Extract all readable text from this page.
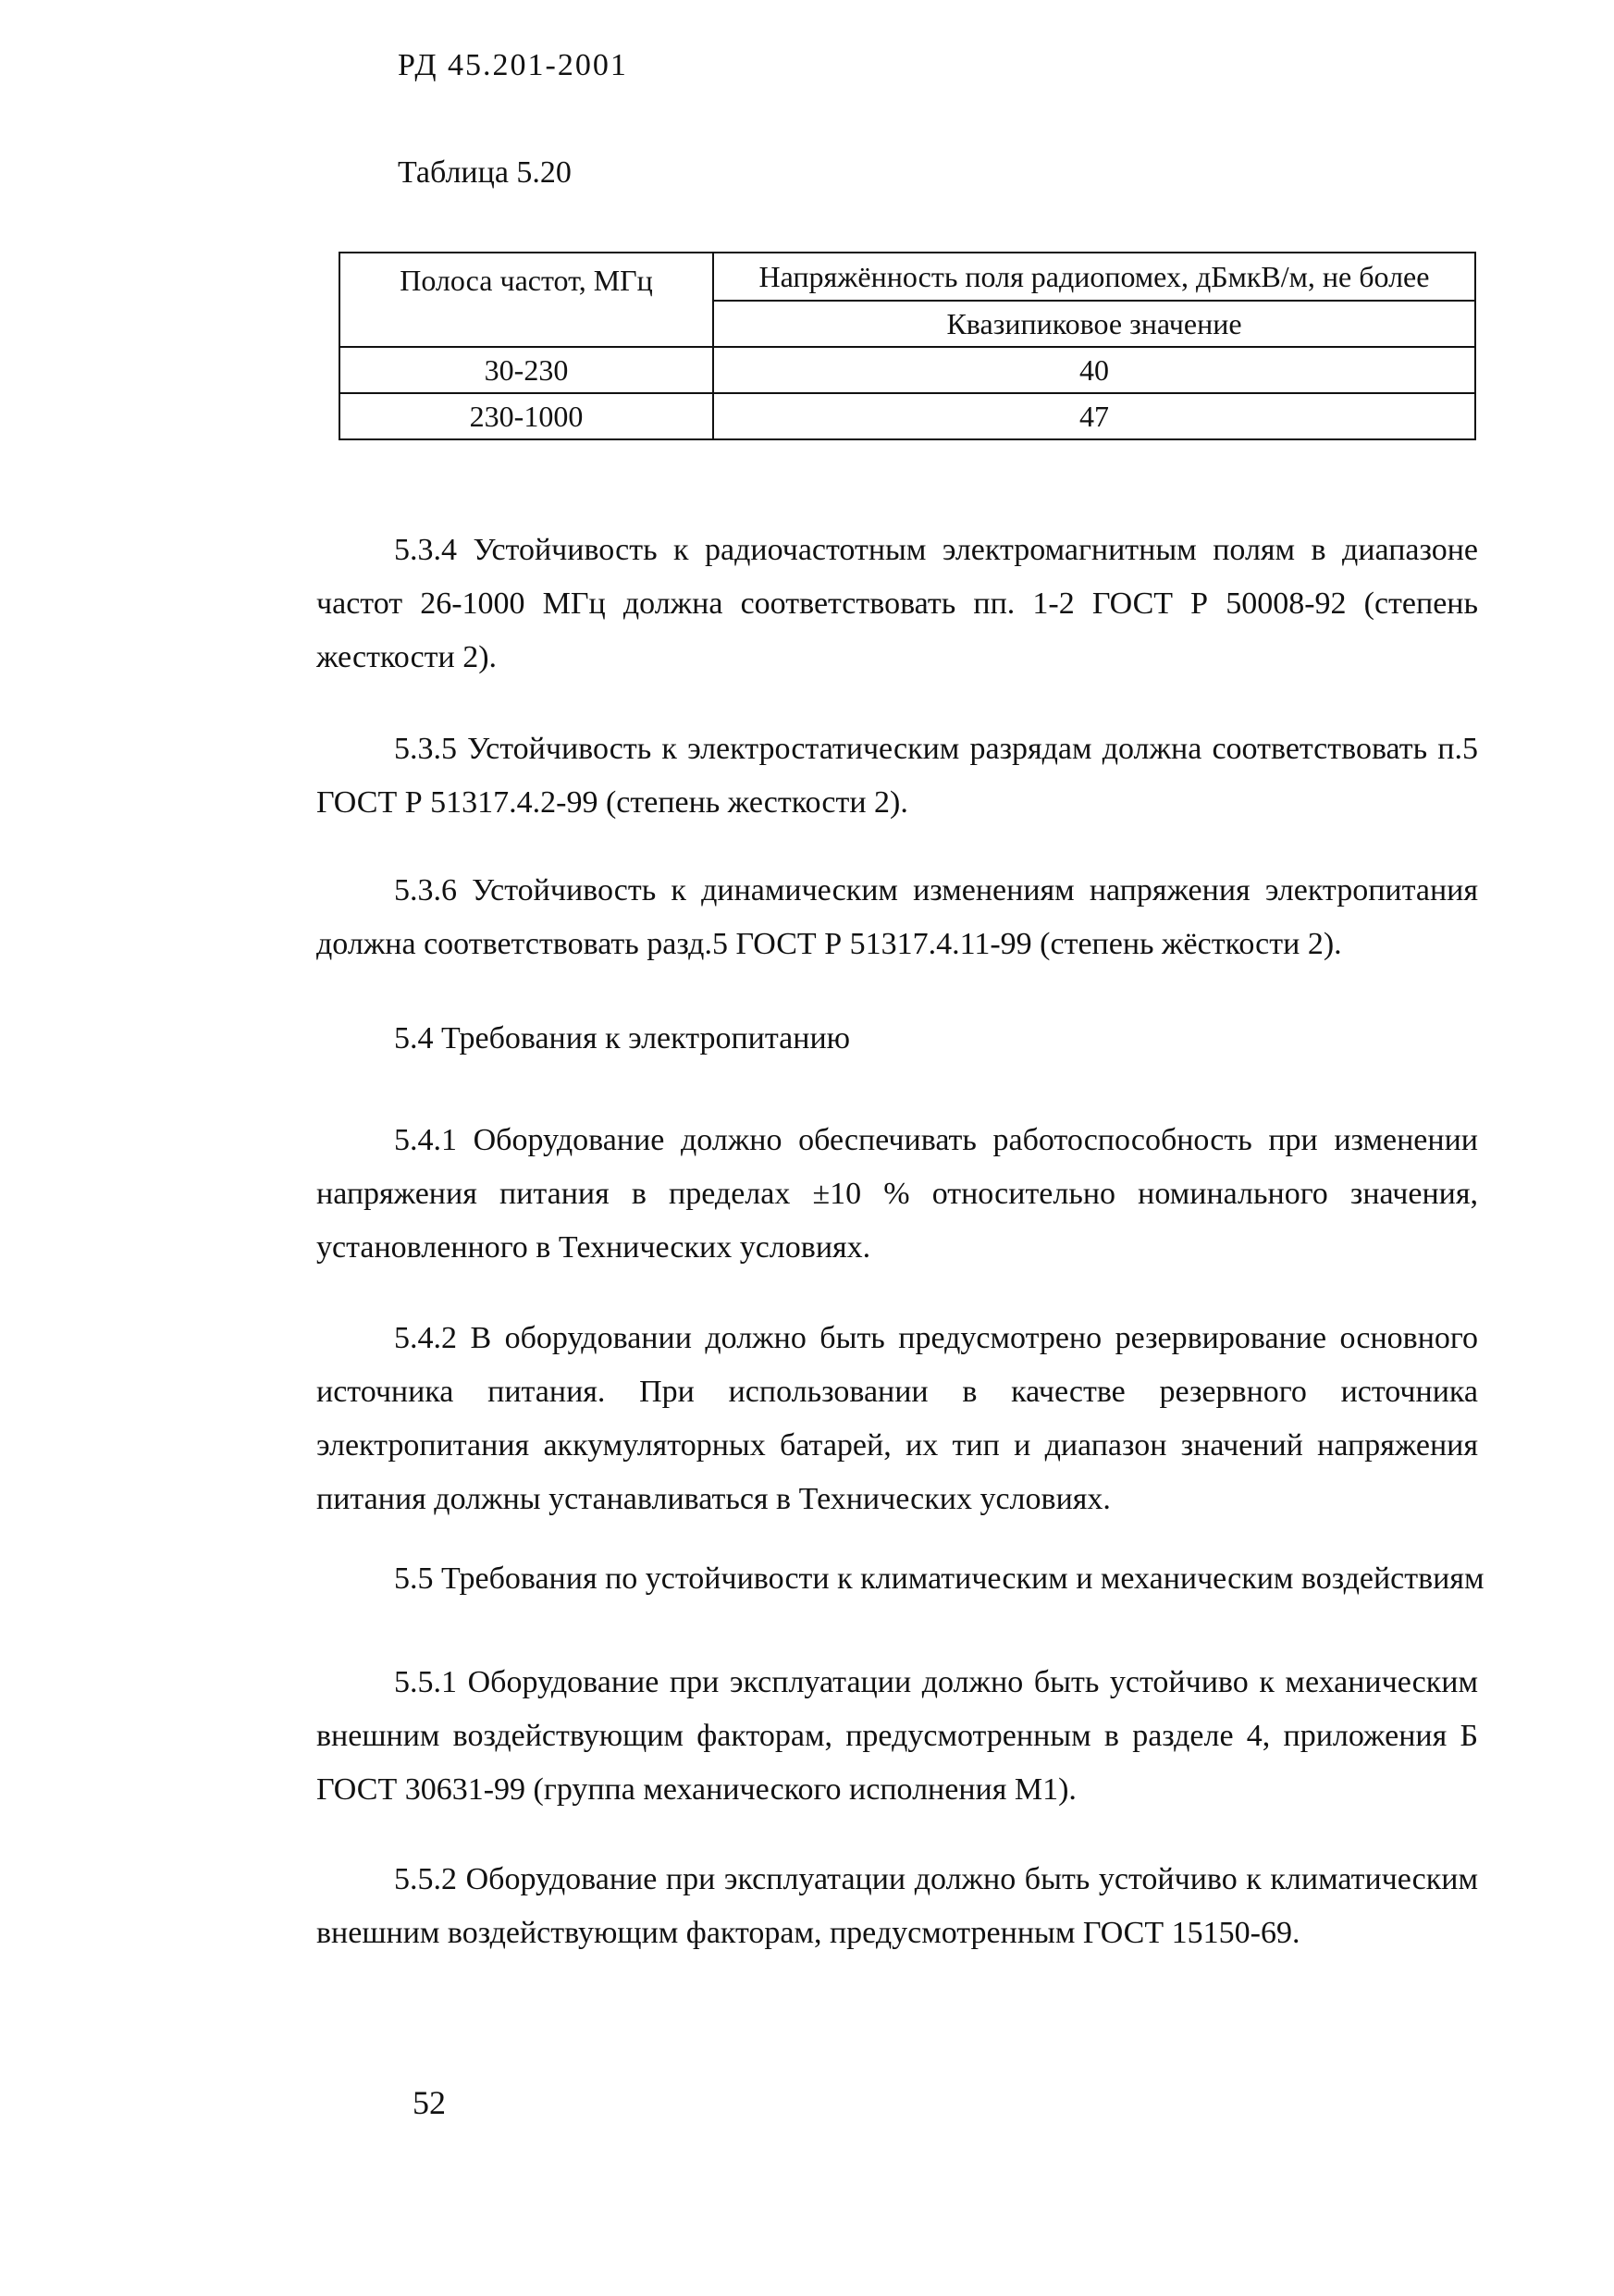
РД 45.201-2001
Таблица 5.20
Полоса частот, МГц	Напряжённость поля радиопомех, дБмкВ/м, не более
	Квазипиковое значение
30-230	40
230-1000	47
5.3.4 Устойчивость к радиочастотным электромагнитным полям в диапазоне частот 26-1000 МГц должна соответствовать пп. 1-2 ГОСТ Р 50008-92 (степень жесткости 2).
5.3.5 Устойчивость к электростатическим разрядам должна соответствовать п.5 ГОСТ Р 51317.4.2-99 (степень жесткости 2).
5.3.6 Устойчивость к динамическим изменениям напряжения электропитания должна соответствовать разд.5 ГОСТ Р 51317.4.11-99 (степень жёсткости 2).
5.4 Требования к электропитанию
5.4.1 Оборудование должно обеспечивать работоспособность при изменении напряжения питания в пределах ±10 % относительно номинального значения, установленного в Технических условиях.
5.4.2 В оборудовании должно быть предусмотрено резервирование основного источника питания. При использовании в качестве резервного источника электропитания аккумуляторных батарей, их тип и диапазон значений напряжения питания должны устанавливаться в Технических условиях.
5.5 Требования по устойчивости к климатическим и механическим воздействиям
5.5.1 Оборудование при эксплуатации должно быть устойчиво к механическим внешним воздействующим факторам, предусмотренным в разделе 4, приложения Б ГОСТ 30631-99 (группа механического исполнения М1).
5.5.2 Оборудование при эксплуатации должно быть устойчиво к климатическим внешним воздействующим факторам, предусмотренным ГОСТ 15150-69.
52
